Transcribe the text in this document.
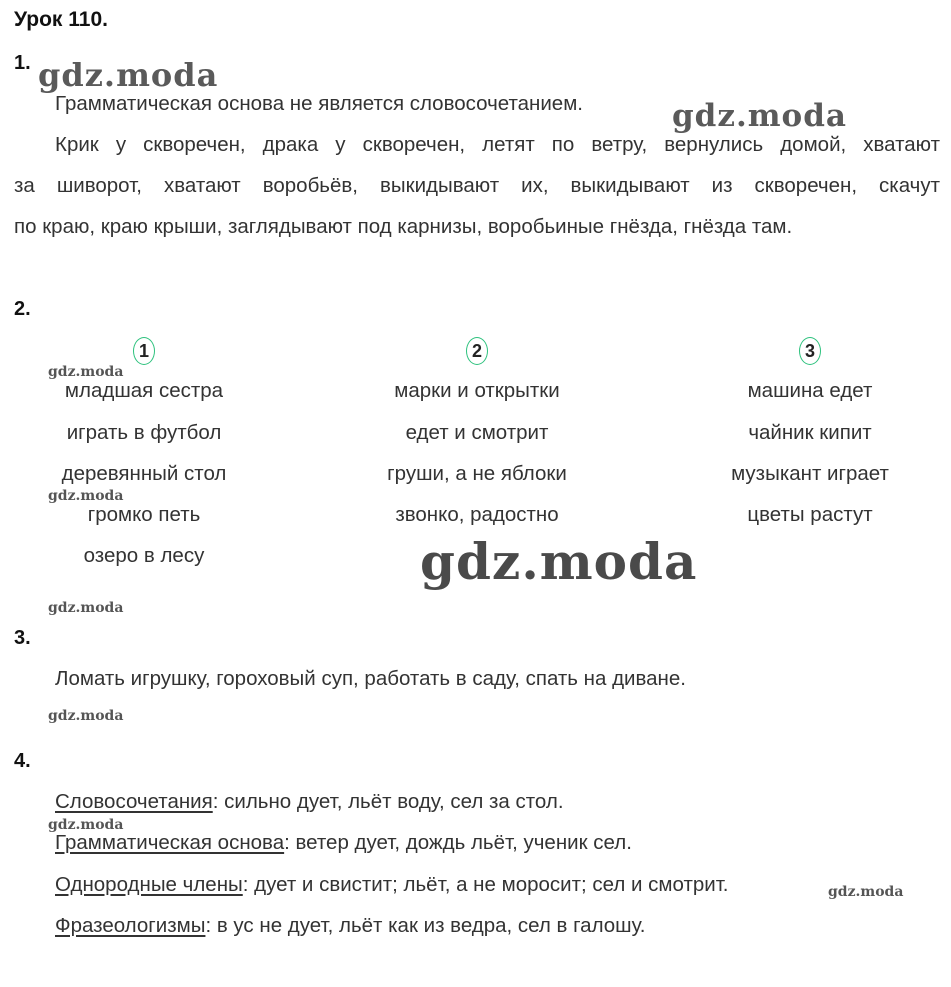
Урок 110.
1.
Грамматическая основа не является словосочетанием.
Крик у скворечен, драка у скворечен, летят по ветру, вернулись домой, хватают
за шиворот, хватают воробьёв, выкидывают их, выкидывают из скворечен, скачут
по краю, краю крыши, заглядывают под карнизы, воробьиные гнёзда, гнёзда там.
2.
1	2	3
младшая сестра
играть в футбол
деревянный стол
громко петь
озеро в лесу
марки и открытки
едет и смотрит
груши, а не яблоки
звонко, радостно
машина едет
чайник кипит
музыкант играет
цветы растут
3.
Ломать игрушку, гороховый суп, работать в саду, спать на диване.
4.
Словосочетания: сильно дует, льёт воду, сел за стол.
Грамматическая основа: ветер дует, дождь льёт, ученик сел.
Однородные члены: дует и свистит; льёт, а не моросит; сел и смотрит.
Фразеологизмы: в ус не дует, льёт как из ведра, сел в галошу.
gdz.moda
gdz.moda
gdz.moda
gdz.moda
gdz.moda
gdz.moda
gdz.moda
gdz.moda
gdz.moda
